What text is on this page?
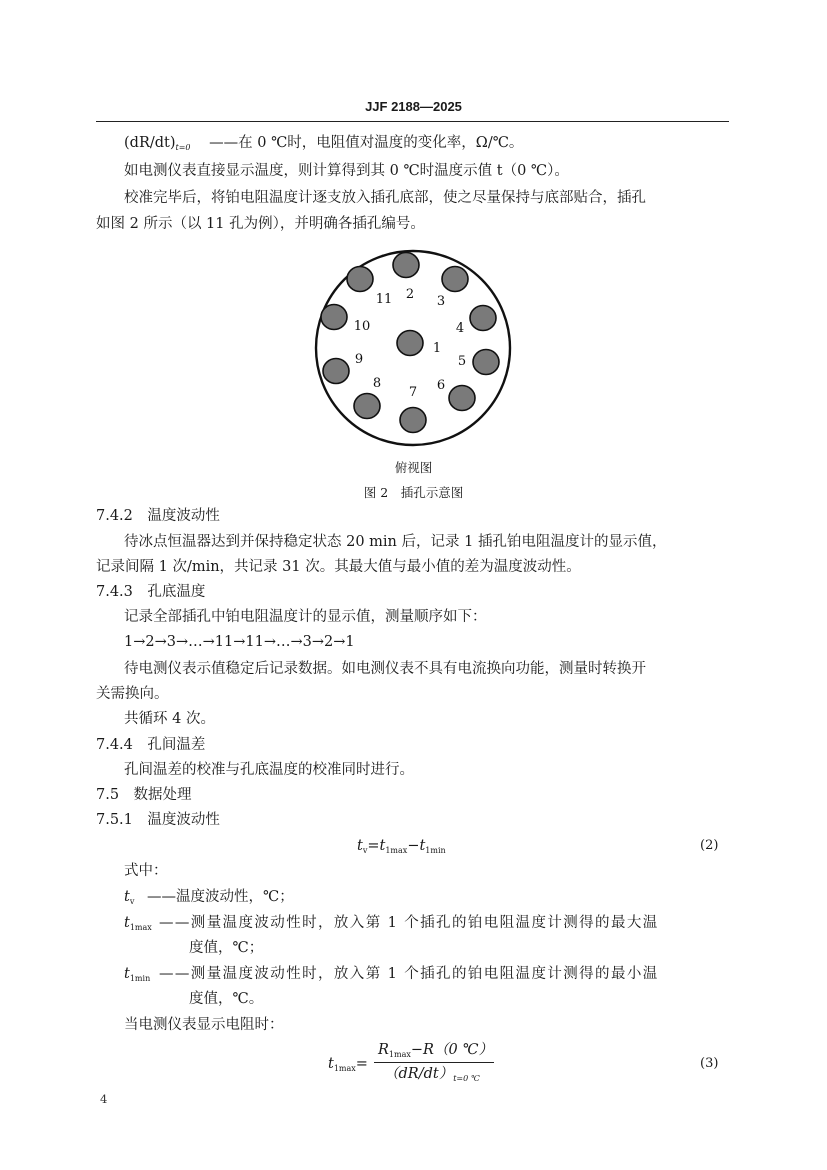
JJF 2188—2025
$(dR/dt)_{t=0}$ ——在 0 ℃时，电阻值对温度的变化率，Ω/℃。
如电测仪表直接显示温度，则计算得到其 0 ℃时温度示值 t（0 ℃）。
校准完毕后，将铂电阻温度计逐支放入插孔底部，使之尽量保持与底部贴合，插孔
如图 2 所示（以 11 孔为例），并明确各插孔编号。
1
2 3
4
5
6
7
8
9
10
11
俯视图
图 2　插孔示意图
7.4.2　温度波动性
待冰点恒温器达到并保持稳定状态 20 min 后，记录 1 插孔铂电阻温度计的显示值，
记录间隔 1 次/min，共记录 31 次。其最大值与最小值的差为温度波动性。
7.4.3　孔底温度
记录全部插孔中铂电阻温度计的显示值，测量顺序如下：
1→2→3→…→11→11→…→3→2→1
待电测仪表示值稳定后记录数据。如电测仪表不具有电流换向功能，测量时转换开
关需换向。
共循环 4 次。
7.4.4　孔间温差
孔间温差的校准与孔底温度的校准同时进行。
7.5　数据处理
7.5.1　温度波动性
$t_v=t_{1max}-t_{1min}$	(2)
式中：
$t_v$ ——温度波动性，℃；
$t_{1max}$ ——测量温度波动性时，放入第 1 个插孔的铂电阻温度计测得的最大温
度值，℃；
$t_{1min}$ ——测量温度波动性时，放入第 1 个插孔的铂电阻温度计测得的最小温
度值，℃。
当电测仪表显示电阻时：
$t_{1max}=$
$R_{1max}-R(0$ ℃）
$(dR/dt)_{t=0 ℃}$
(3)
4
